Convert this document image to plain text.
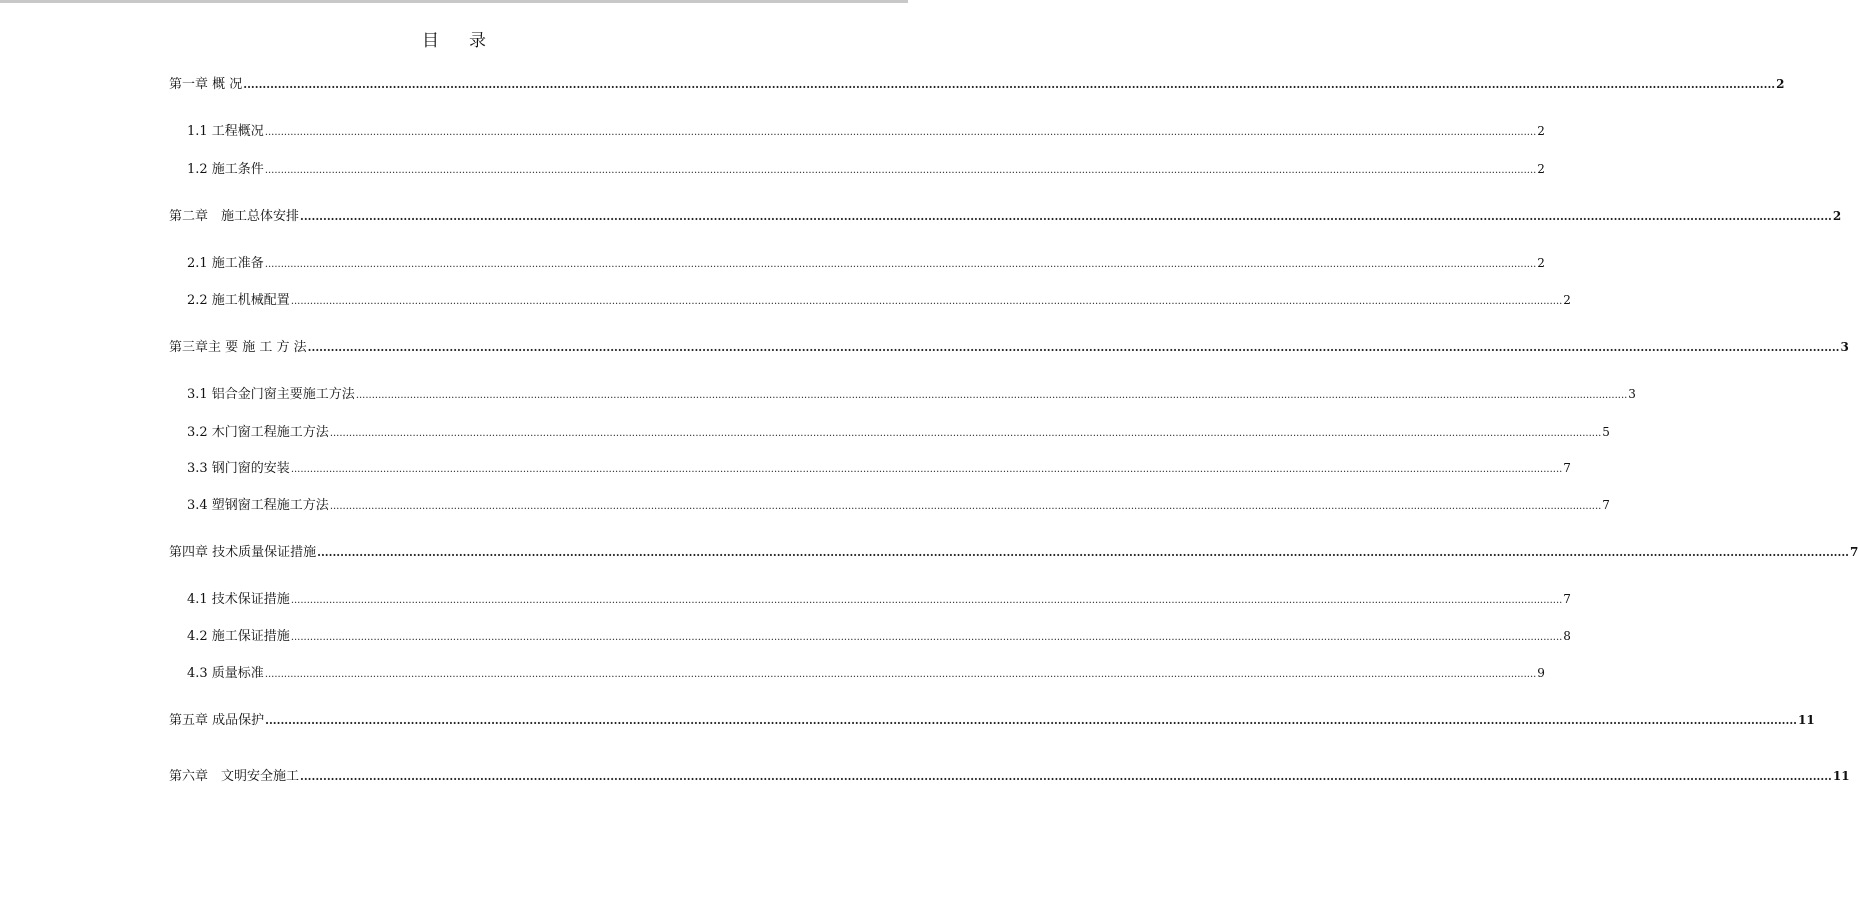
目 录
第一章 概 况 ................................................................................................................................................................................................................................................................................................................................................................................................................ 2
1.1 工程概况 ................................................................................................................................................................................................................................................................................................................................................................................................................ 2
1.2 施工条件 ................................................................................................................................................................................................................................................................................................................................................................................................................ 2
第二章　施工总体安排 ................................................................................................................................................................................................................................................................................................................................................................................................................ 2
2.1 施工准备 ................................................................................................................................................................................................................................................................................................................................................................................................................ 2
2.2 施工机械配置 ................................................................................................................................................................................................................................................................................................................................................................................................................ 2
第三章主 要 施 工 方 法 ................................................................................................................................................................................................................................................................................................................................................................................................................ 3
3.1 铝合金门窗主要施工方法 ................................................................................................................................................................................................................................................................................................................................................................................................................ 3
3.2 木门窗工程施工方法 ................................................................................................................................................................................................................................................................................................................................................................................................................ 5
3.3 钢门窗的安装 ................................................................................................................................................................................................................................................................................................................................................................................................................ 7
3.4 塑钢窗工程施工方法 ................................................................................................................................................................................................................................................................................................................................................................................................................ 7
第四章 技术质量保证措施 ................................................................................................................................................................................................................................................................................................................................................................................................................ 7
4.1 技术保证措施 ................................................................................................................................................................................................................................................................................................................................................................................................................ 7
4.2 施工保证措施 ................................................................................................................................................................................................................................................................................................................................................................................................................ 8
4.3 质量标准 ................................................................................................................................................................................................................................................................................................................................................................................................................ 9
第五章 成品保护 ................................................................................................................................................................................................................................................................................................................................................................................................................ 11
第六章　文明安全施工 ................................................................................................................................................................................................................................................................................................................................................................................................................ 11
